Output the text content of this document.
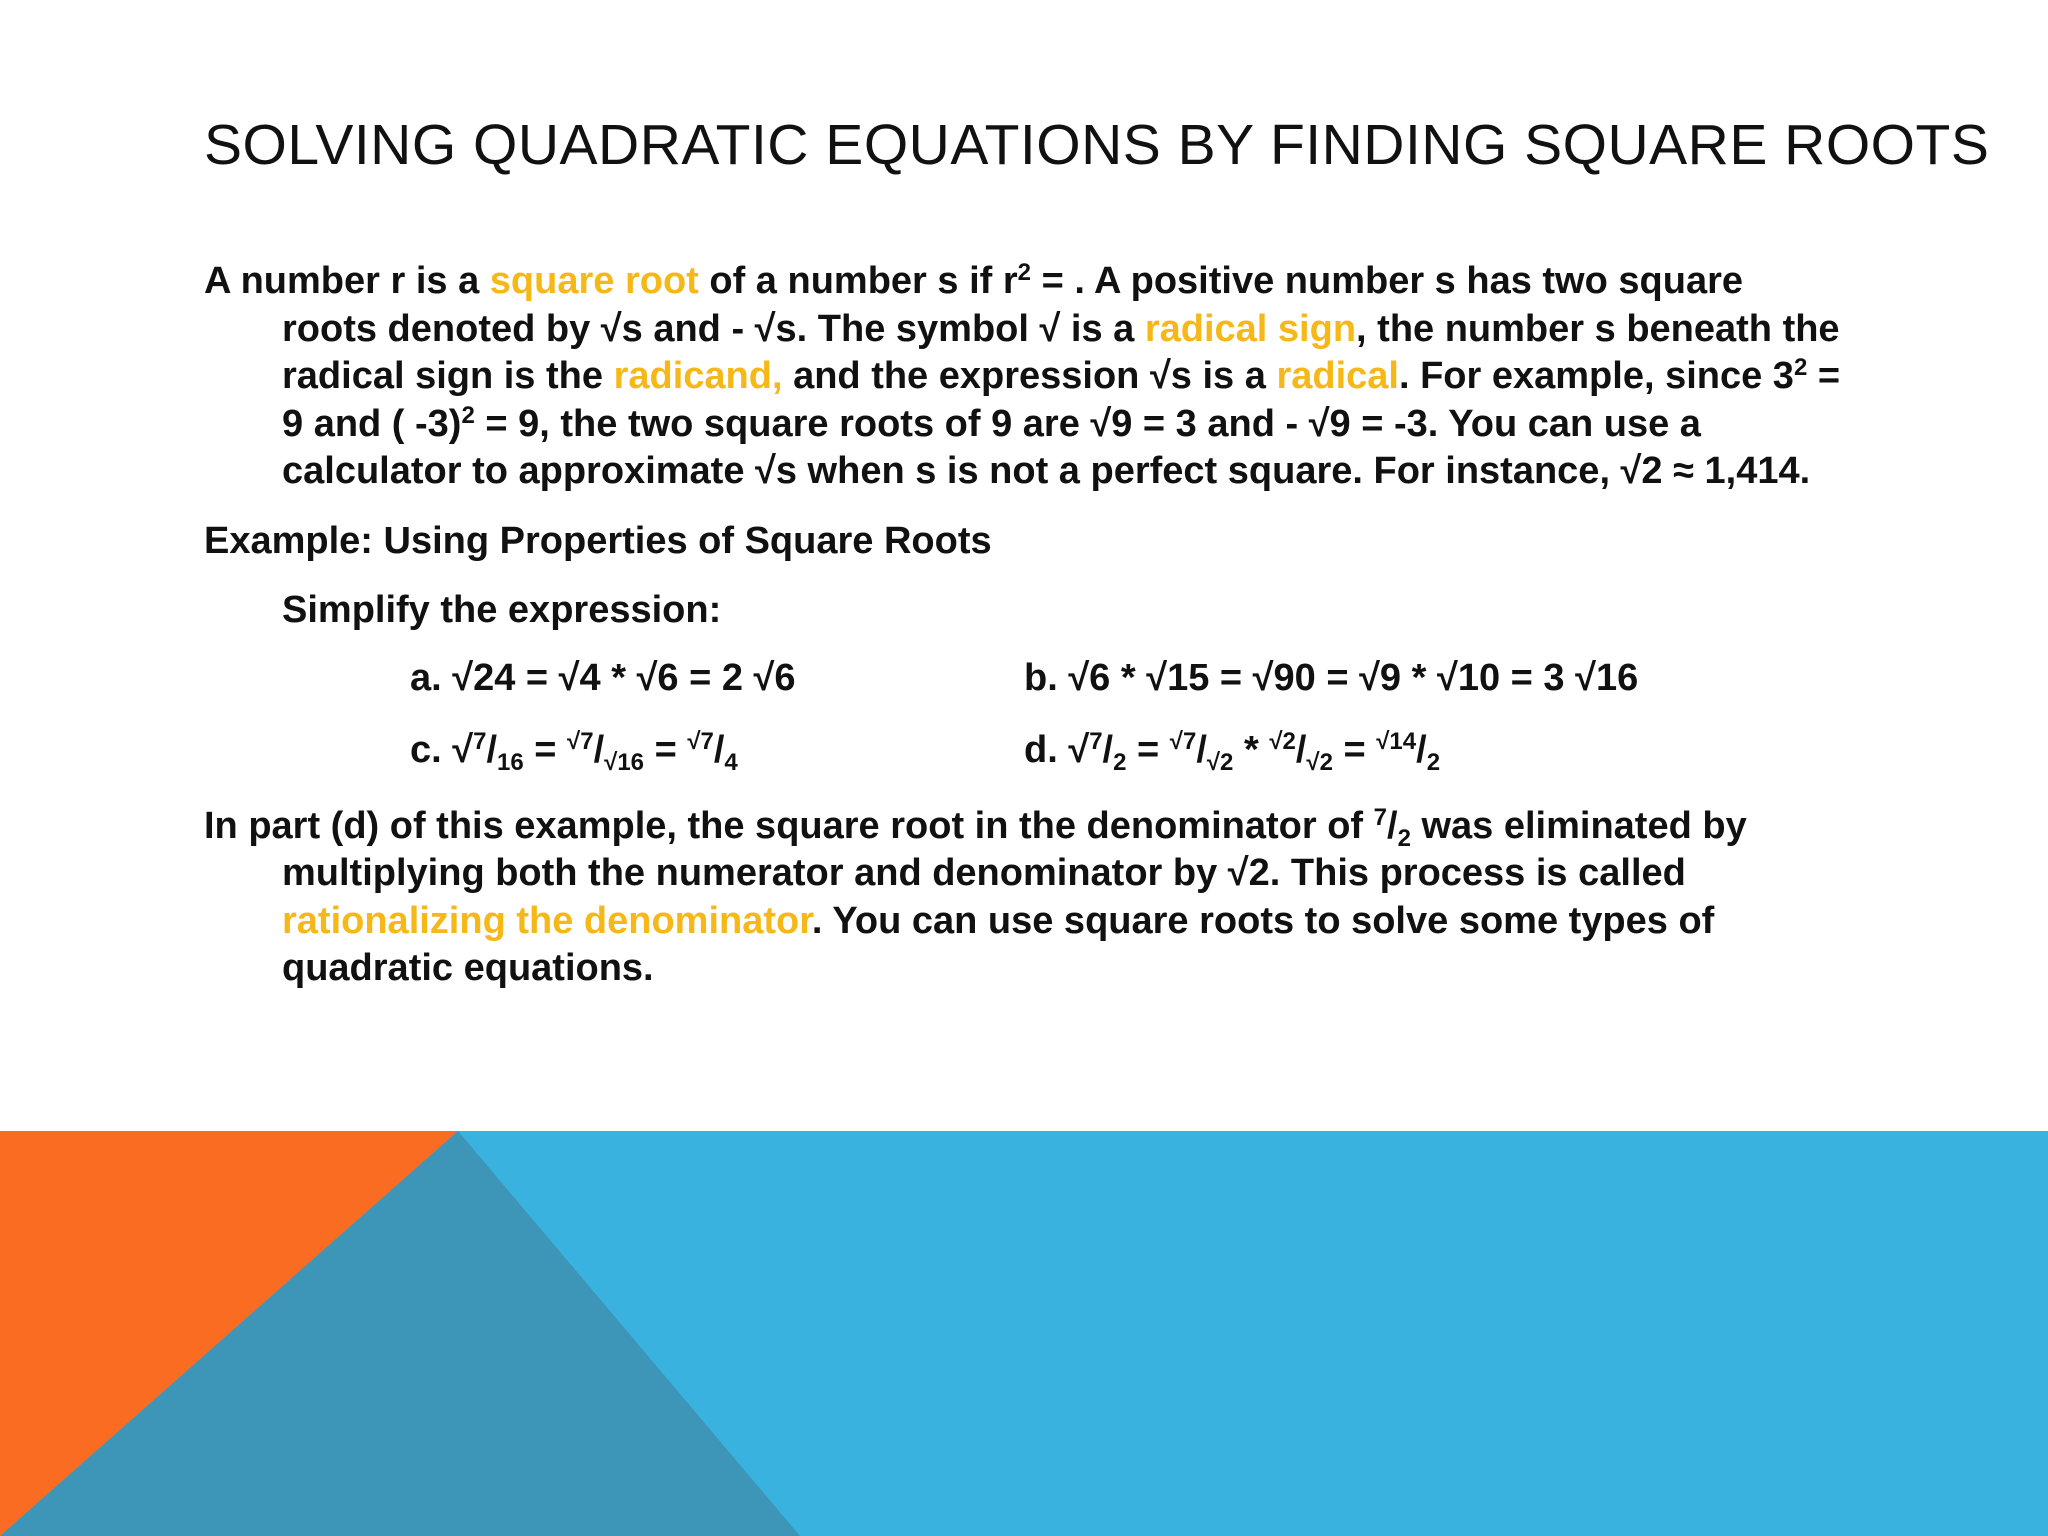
SOLVING QUADRATIC EQUATIONS BY FINDING SQUARE ROOTS

A number r is a square root of a number s if $r^2$ = . A positive number s has two square roots denoted by √s and - √s. The symbol √ is a radical sign, the number s beneath the radical sign is the radicand, and the expression √s is a radical. For example, since $3^2 = 9$ and ( -3)$^2$ = 9, the two square roots of 9 are √9 = 3 and - √9 = -3. You can use a calculator to approximate √s when s is not a perfect square. For instance, √2 ≈ 1,414.

Example: Using Properties of Square Roots

Simplify the expression:

a. √24 = √4 * √6 = 2 √6	b. √6 * √15 = √90 = √9 * √10 = 3 √16
c. $√^7/_{16} = ^{√7}/_{√16} = ^{√7}/_4$	d. $√^7/_2 = ^{√7}/_{√2} * ^{√2}/_{√2} = ^{√14}/_2$

In part (d) of this example, the square root in the denominator of $^7/_2$ was eliminated by multiplying both the numerator and denominator by √2. This process is called rationalizing the denominator. You can use square roots to solve some types of quadratic equations.
